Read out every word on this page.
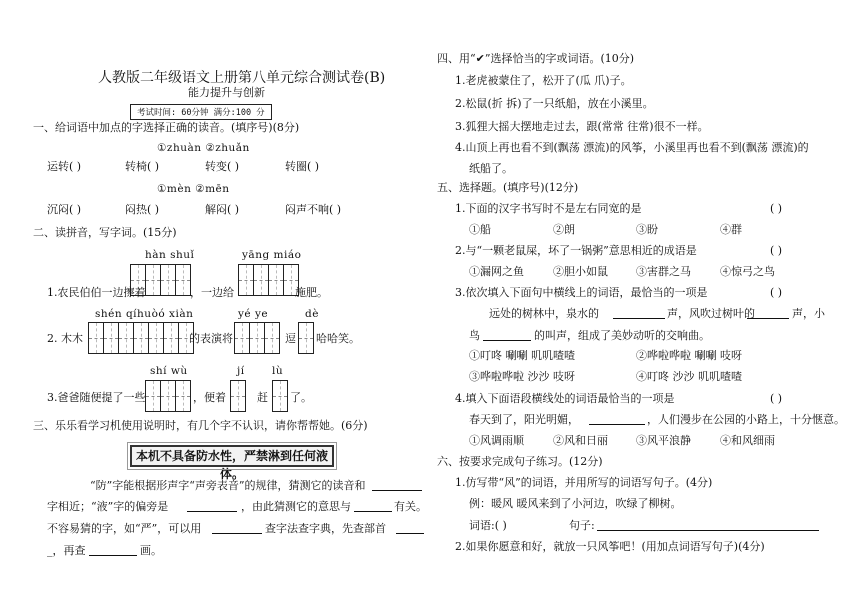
人教版二年级语文上册第八单元综合测试卷(B)
能力提升与创新
考试时间: 60分钟 满分:100 分
一、给词语中加点的字选择正确的读音。(填序号)(8分)
①zhuàn ②zhuǎn
运转( )	转椅( )	转变( )	转圈( )
①mèn ②mēn
沉闷( )	闷热( )	解闷( )	闷声不响( )
二、读拼音，写字词。(15分)
hàn shuǐ	yāng miáo
1.农民伯伯一边擦着	，一边给	施肥。
shén qíhuòó xiàn	yé ye	dè
2. 木木	的表演将	逗 哈哈笑。
shí wù	jí	lù
3.爸爸随便提了一些	，便着	赶 了。
三、乐乐看学习机使用说明时，有几个字不认识，请你帮帮她。(6分)
本机不具备防水性，严禁淋到任何液体。
“防”字能根据形声字“声旁表音”的规律，猜测它的读音和
字相近；“液”字的偏旁是	，由此猜测它的意思与	有关。
不容易猜的字，如“严”，可以用	查字法查字典，先查部首
_，再查	画。
四、用“✔”选择恰当的字或词语。(10分)
1.老虎被蒙住了，松开了(瓜 爪)子。
2.松鼠(折 拆)了一只纸船，放在小溪里。
3.狐狸大摇大摆地走过去，跟(常常 往常)很不一样。
4.山顶上再也看不到(飘荡 漂流)的风筝，小溪里再也看不到(飘荡 漂流)的
纸船了。
五、选择题。(填序号)(12分)
1.下面的汉字书写时不是左右同宽的是	( )
①船	②朗	③盼	④群
2.与“一颗老鼠屎，坏了一锅粥”意思相近的成语是	( )
①漏网之鱼	②胆小如鼠	③害群之马	④惊弓之鸟
3.依次填入下面句中横线上的词语，最恰当的一项是	( )
远处的树林中，泉水的	声，风吹过树叶的	声，小
鸟	的叫声，组成了美妙动听的交响曲。
①叮咚 唰唰 叽叽喳喳	②哗啦哗啦 唰唰 吱呀
③哗啦哗啦 沙沙 吱呀	④叮咚 沙沙 叽叽喳喳
4.填入下面语段横线处的词语最恰当的一项是	( )
春天到了，阳光明媚，	，人们漫步在公园的小路上，十分惬意。
①风调雨顺	②风和日丽	③风平浪静	④和风细雨
六、按要求完成句子练习。(12分)
1.仿写带“风”的词语，并用所写的词语写句子。(4分)
例：暖风 暖风来到了小河边，吹绿了柳树。
词语:( )	句子:
2.如果你愿意和好，就放一只风筝吧！(用加点词语写句子)(4分)
